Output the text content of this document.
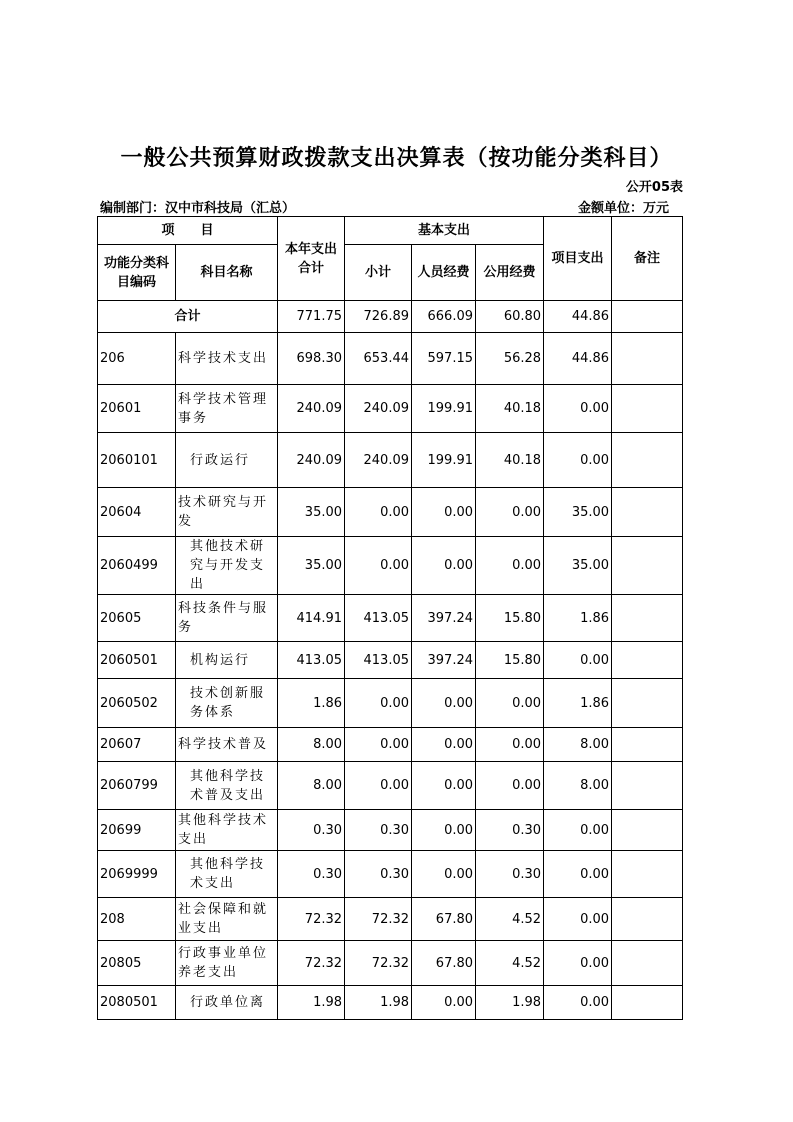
一般公共预算财政拨款支出决算表（按功能分类科目）
公开05表
编制部门：汉中市科技局（汇总）	金额单位：万元
项　　目		本年支出合计	基本支出			项目支出	备注
功能分类科目编码	科目名称		小计	人员经费	公用经费		
合计		771.75	726.89	666.09	60.80	44.86	
206	科学技术支出	698.30	653.44	597.15	56.28	44.86	
20601	科学技术管理事务	240.09	240.09	199.91	40.18	0.00	
2060101	行政运行	240.09	240.09	199.91	40.18	0.00	
20604	技术研究与开发	35.00	0.00	0.00	0.00	35.00	
2060499	其他技术研究与开发支出	35.00	0.00	0.00	0.00	35.00	
20605	科技条件与服务	414.91	413.05	397.24	15.80	1.86	
2060501	机构运行	413.05	413.05	397.24	15.80	0.00	
2060502	技术创新服务体系	1.86	0.00	0.00	0.00	1.86	
20607	科学技术普及	8.00	0.00	0.00	0.00	8.00	
2060799	其他科学技术普及支出	8.00	0.00	0.00	0.00	8.00	
20699	其他科学技术支出	0.30	0.30	0.00	0.30	0.00	
2069999	其他科学技术支出	0.30	0.30	0.00	0.30	0.00	
208	社会保障和就业支出	72.32	72.32	67.80	4.52	0.00	
20805	行政事业单位养老支出	72.32	72.32	67.80	4.52	0.00	
2080501	行政单位离	1.98	1.98	0.00	1.98	0.00	
